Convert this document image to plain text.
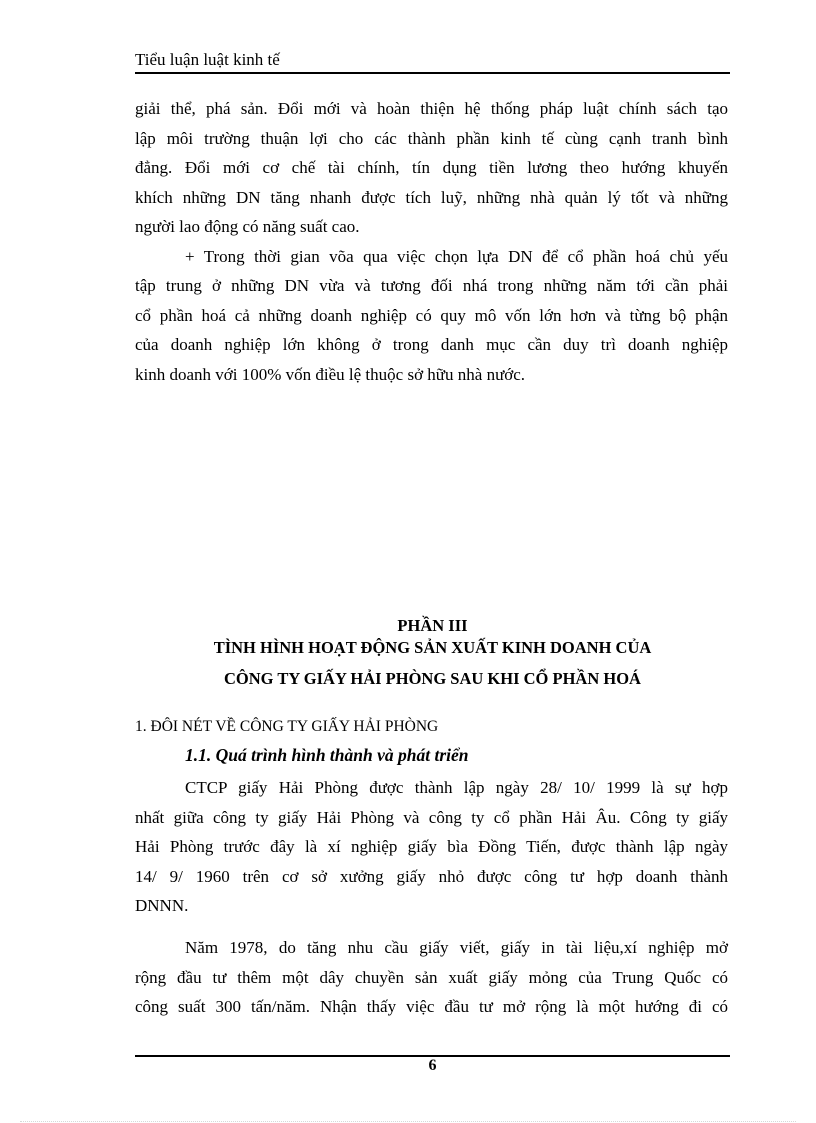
Tiểu luận luật kinh tế
giải thể, phá sản. Đổi mới và hoàn thiện hệ thống pháp luật chính sách tạo
lập môi trường thuận lợi cho các thành phần kinh tế cùng cạnh tranh bình
đẳng. Đổi mới cơ chế tài chính, tín dụng tiền lương theo hướng khuyến
khích những DN tăng nhanh được tích luỹ, những nhà quản lý tốt và những
người lao động có năng suất cao.
+ Trong thời gian võa qua việc chọn lựa DN để cổ phần hoá chủ yếu
tập trung ở những DN vừa và tương đối nhá trong những năm tới cần phải
cổ phần hoá cả những doanh nghiệp có quy mô vốn lớn hơn và từng bộ phận
của doanh nghiệp lớn không ở trong danh mục cần duy trì doanh nghiệp
kinh doanh với 100% vốn điều lệ thuộc sở hữu nhà nước.
PHẦN III
TÌNH HÌNH HOẠT ĐỘNG SẢN XUẤT KINH DOANH CỦA
CÔNG TY GIẤY HẢI PHÒNG SAU KHI CỔ PHẦN HOÁ
1. ĐÔI NÉT VỀ CÔNG TY GIẤY HẢI PHÒNG
1.1. Quá trình hình thành và phát triển
CTCP giấy Hải Phòng được thành lập ngày 28/ 10/ 1999 là sự hợp
nhất giữa công ty giấy Hải Phòng và công ty cổ phần Hải Âu. Công ty giấy
Hải Phòng trước đây là xí nghiệp giấy bìa Đồng Tiến, được thành lập ngày
14/ 9/ 1960 trên cơ sở xưởng giấy nhỏ được công tư hợp doanh thành
DNNN.
Năm 1978, do tăng nhu cầu giấy viết, giấy in tài liệu,xí nghiệp mở
rộng đầu tư thêm một dây chuyền sản xuất giấy mỏng của Trung Quốc có
công suất 300 tấn/năm. Nhận thấy việc đầu tư mở rộng là một hướng đi có
6
